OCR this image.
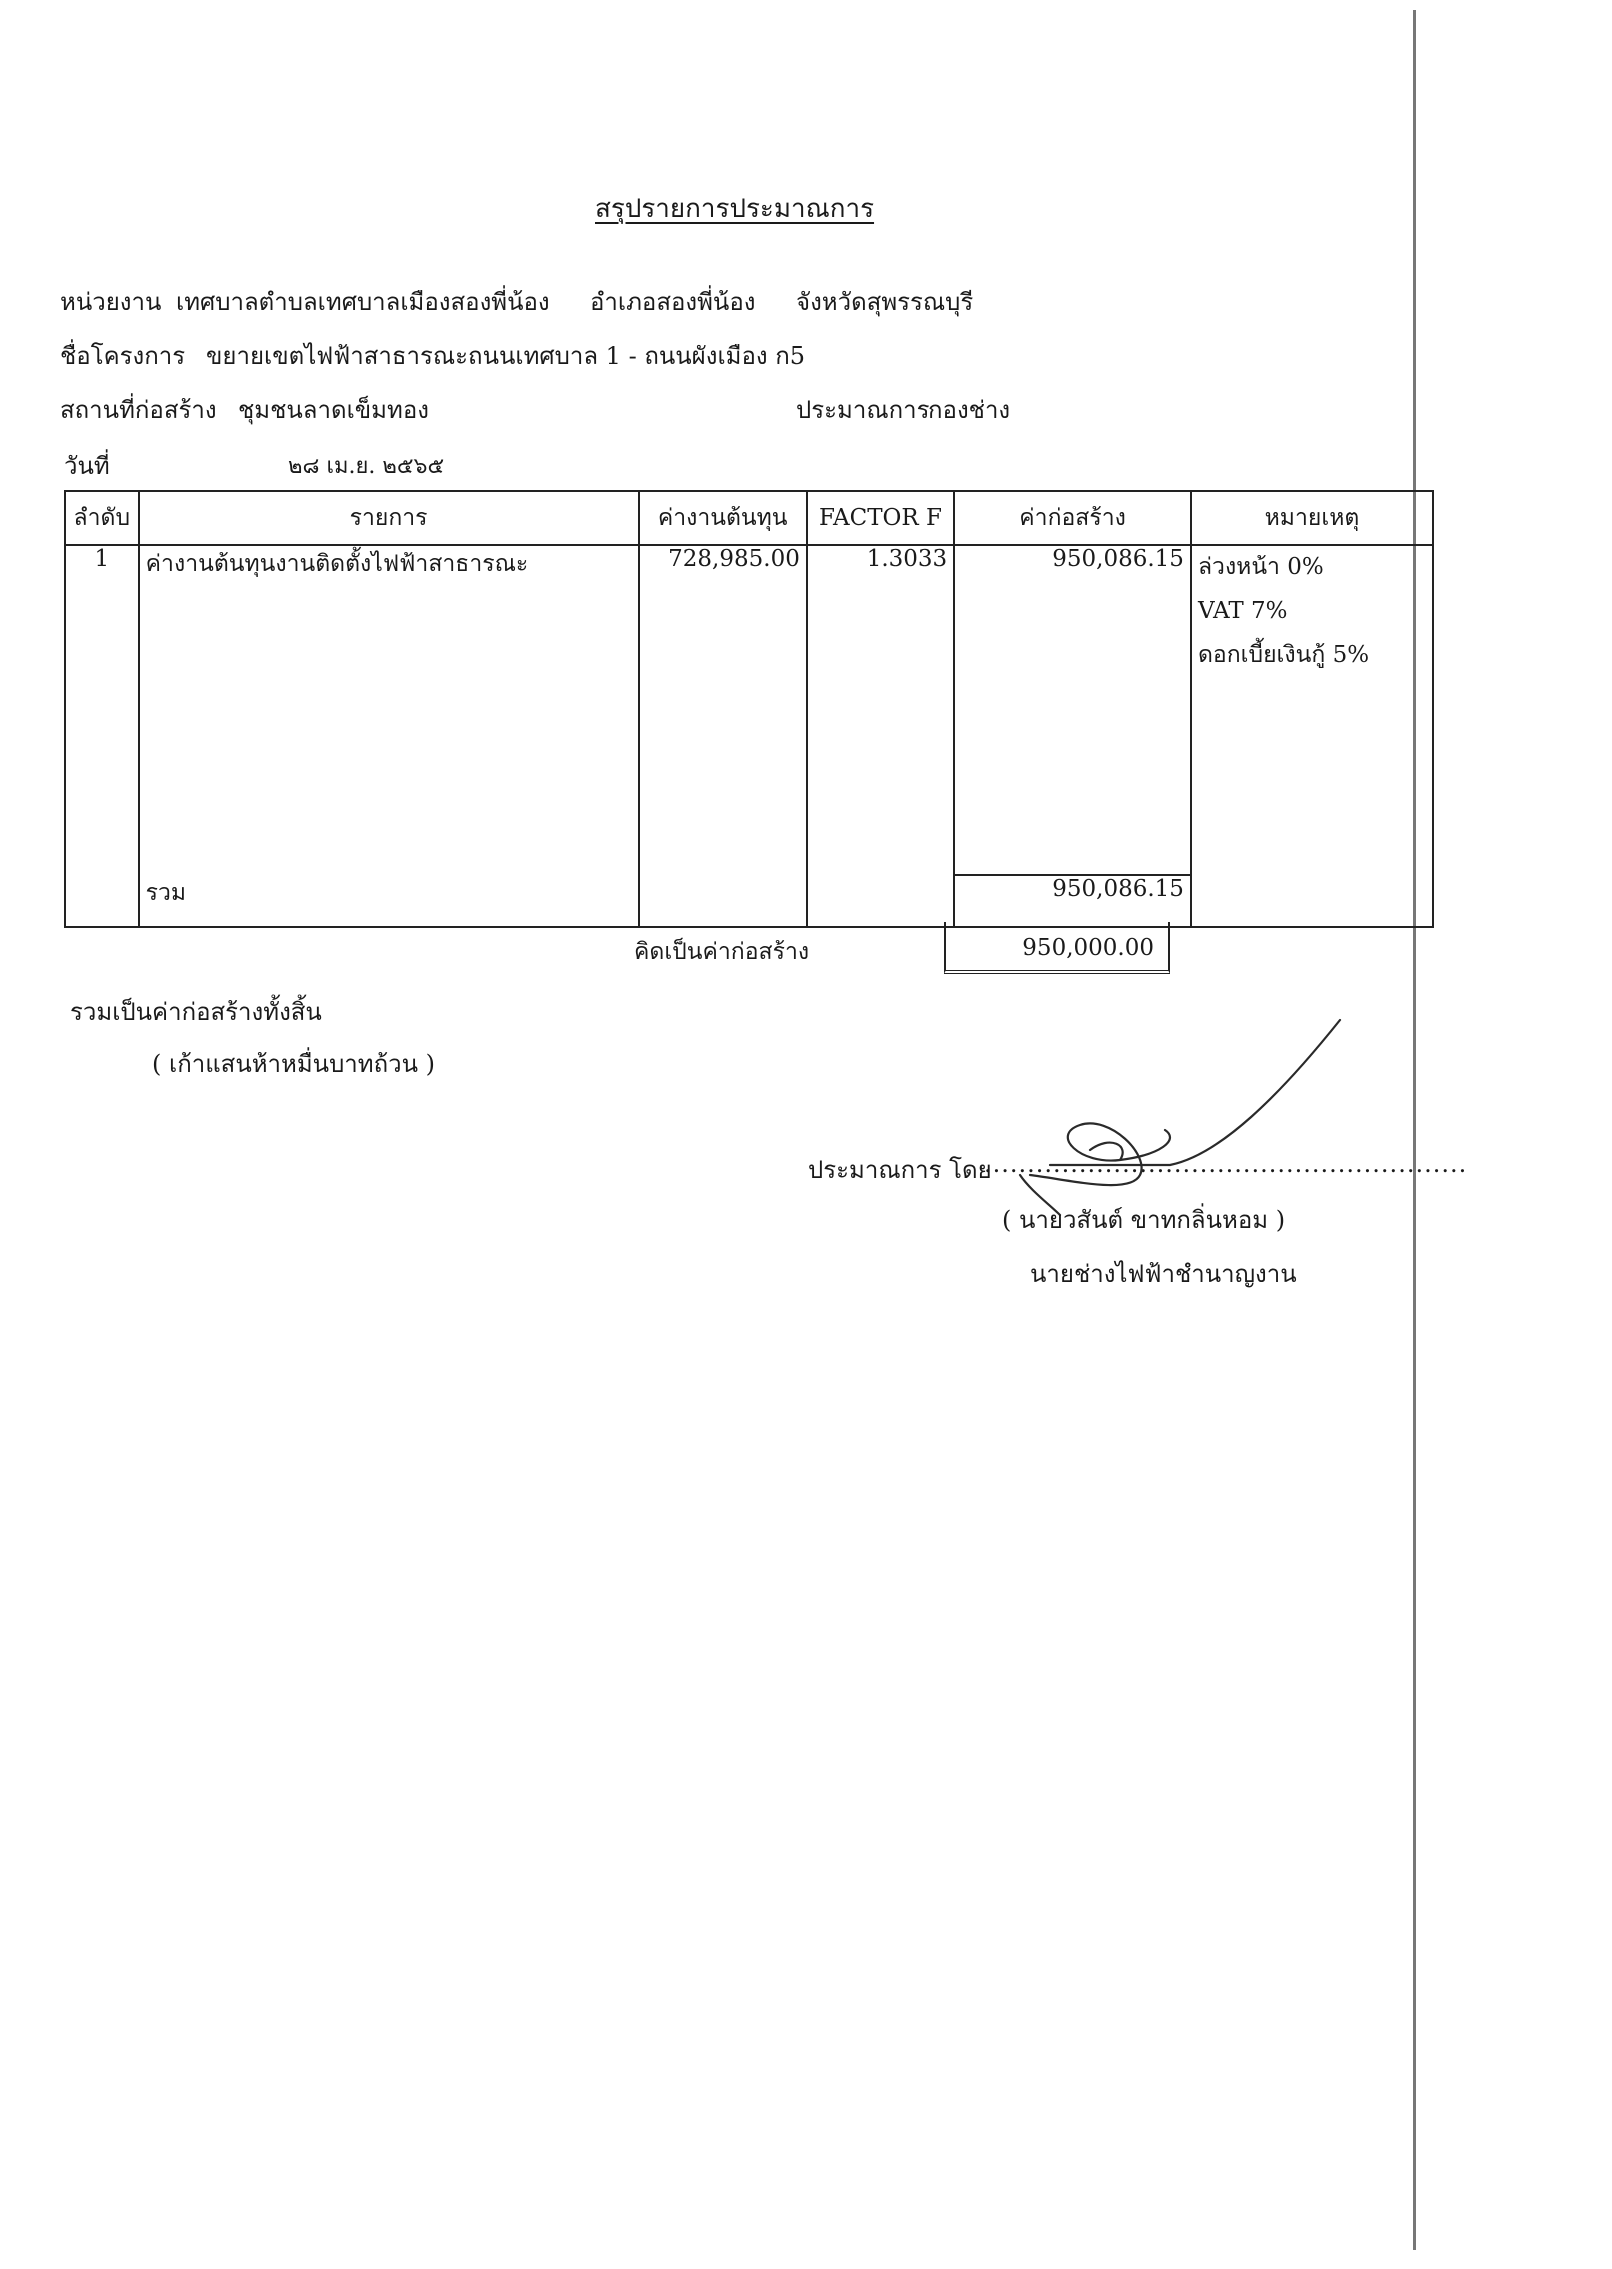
สรุปรายการประมาณการ
หน่วยงาน เทศบาลตำบลเทศบาลเมืองสองพี่น้อง อำเภอสองพี่น้อง จังหวัดสุพรรณบุรี
ชื่อโครงการ ขยายเขตไฟฟ้าสาธารณะถนนเทศบาล 1 - ถนนผังเมือง ก5
สถานที่ก่อสร้าง ชุมชนลาดเข็มทอง	ประมาณการ
กองช่าง
วันที่	๒๘ เม.ย. ๒๕๖๕
ลำดับ	รายการ	ค่างานต้นทุน	FACTOR F	ค่าก่อสร้าง	หมายเหตุ
1	ค่างานต้นทุนงานติดตั้งไฟฟ้าสาธารณะ	728,985.00	1.3033	950,086.15	ล่วงหน้า 0%
VAT 7%
ดอกเบี้ยเงินกู้ 5%

	รวม			950,086.15	
คิดเป็นค่าก่อสร้าง	950,000.00
รวมเป็นค่าก่อสร้างทั้งสิ้น
( เก้าแสนห้าหมื่นบาทถ้วน )
ประมาณการ โดย
........................................................
( นายวสันต์ ขาทกลิ่นหอม )
นายช่างไฟฟ้าชำนาญงาน
